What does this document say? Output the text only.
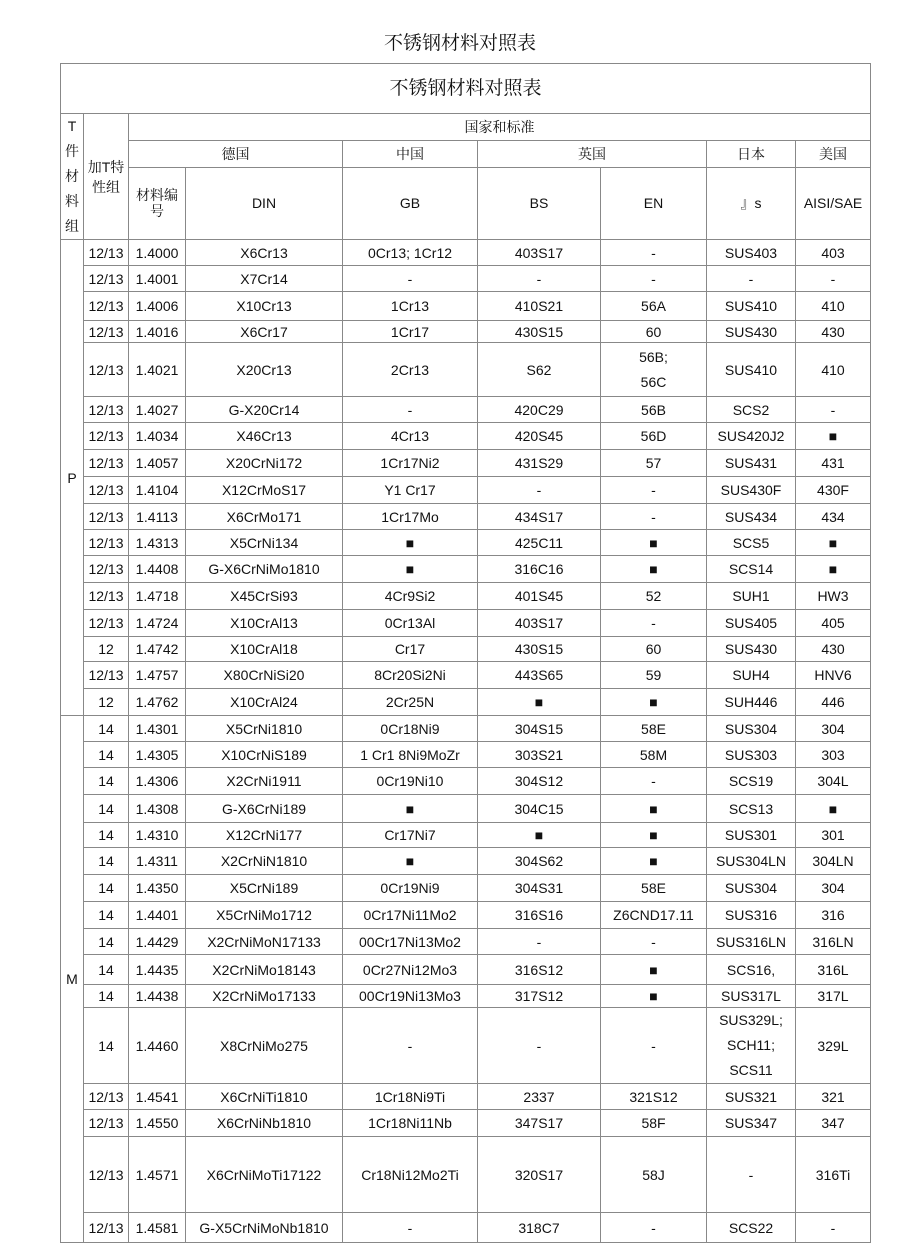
不锈钢材料对照表
不锈钢材料对照表								

T
件
材
料
组	加T特性组	国家和标准						
		德国		中国	英国		日本	美国
		材料编号	DIN	GB	BS	EN	』s	AISI/SAE
P	12/13	1.4000	X6Cr13	0Cr13; 1Cr12	403S17	-	SUS403	403
	12/13	1.4001	X7Cr14	-	-	-	-	-
	12/13	1.4006	X10Cr13	1Cr13	410S21	56A	SUS410	410
	12/13	1.4016	X6Cr17	1Cr17	430S15	60	SUS430	430
	12/13	1.4021	X20Cr13	2Cr13	S62	56B;
56C	SUS410	410
	12/13	1.4027	G-X20Cr14	-	420C29	56B	SCS2	-
	12/13	1.4034	X46Cr13	4Cr13	420S45	56D	SUS420J2	■
	12/13	1.4057	X20CrNi172	1Cr17Ni2	431S29	57	SUS431	431
	12/13	1.4104	X12CrMoS17	Y1 Cr17	-	-	SUS430F	430F
	12/13	1.4113	X6CrMo171	1Cr17Mo	434S17	-	SUS434	434
	12/13	1.4313	X5CrNi134	■	425C11	■	SCS5	■
	12/13	1.4408	G-X6CrNiMo1810	■	316C16	■	SCS14	■
	12/13	1.4718	X45CrSi93	4Cr9Si2	401S45	52	SUH1	HW3
	12/13	1.4724	X10CrAl13	0Cr13Al	403S17	-	SUS405	405
	12	1.4742	X10CrAl18	Cr17	430S15	60	SUS430	430
	12/13	1.4757	X80CrNiSi20	8Cr20Si2Ni	443S65	59	SUH4	HNV6
	12	1.4762	X10CrAl24	2Cr25N	■	■	SUH446	446
M	14	1.4301	X5CrNi1810	0Cr18Ni9	304S15	58E	SUS304	304
	14	1.4305	X10CrNiS189	1 Cr1 8Ni9MoZr	303S21	58M	SUS303	303
	14	1.4306	X2CrNi1911	0Cr19Ni10	304S12	-	SCS19	304L
	14	1.4308	G-X6CrNi189	■	304C15	■	SCS13	■
	14	1.4310	X12CrNi177	Cr17Ni7	■	■	SUS301	301
	14	1.4311	X2CrNiN1810	■	304S62	■	SUS304LN	304LN
	14	1.4350	X5CrNi189	0Cr19Ni9	304S31	58E	SUS304	304
	14	1.4401	X5CrNiMo1712	0Cr17Ni11Mo2	316S16	Z6CND17.11	SUS316	316
	14	1.4429	X2CrNiMoN17133	00Cr17Ni13Mo2	-	-	SUS316LN	316LN
	14	1.4435	X2CrNiMo18143	0Cr27Ni12Mo3	316S12	■	SCS16,	316L
	14	1.4438	X2CrNiMo17133	00Cr19Ni13Mo3	317S12	■	SUS317L	317L
	14	1.4460	X8CrNiMo275	-	-	-	SUS329L;
SCH11;
SCS11	329L
	12/13	1.4541	X6CrNiTi1810	1Cr18Ni9Ti	2337	321S12	SUS321	321
	12/13	1.4550	X6CrNiNb1810	1Cr18Ni11Nb	347S17	58F	SUS347	347
	12/13	1.4571	X6CrNiMoTi17122	Cr18Ni12Mo2Ti	320S17	58J	-	316Ti
	12/13	1.4581	G-X5CrNiMoNb1810	-	318C7	-	SCS22	-
